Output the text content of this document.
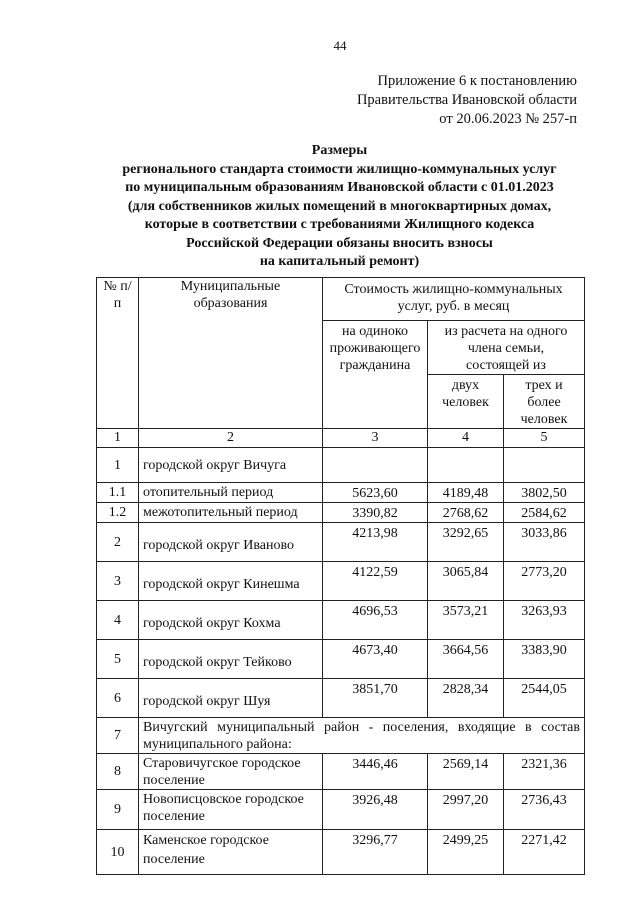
44
Приложение 6 к постановлению
Правительства Ивановской области
от 20.06.2023 № 257-п
Размеры
регионального стандарта стоимости жилищно-коммунальных услуг
по муниципальным образованиям Ивановской области с 01.01.2023
(для собственников жилых помещений в многоквартирных домах,
которые в соответствии с требованиями Жилищного кодекса
Российской Федерации обязаны вносить взносы
на капитальный ремонт)
№ п/п	Муниципальные образования	Стоимость жилищно-коммунальных услуг, руб. в месяц		
		на одиноко проживающего гражданина	из расчета на одного члена семьи, состоящей из	
			двух человек	трех и более человек
1	2	3	4	5
1	городской округ Вичуга			
1.1	отопительный период	5623,60	4189,48	3802,50
1.2	межотопительный период	3390,82	2768,62	2584,62
2	городской округ Иваново	4213,98	3292,65	3033,86
3	городской округ Кинешма	4122,59	3065,84	2773,20
4	городской округ Кохма	4696,53	3573,21	3263,93
5	городской округ Тейково	4673,40	3664,56	3383,90
6	городской округ Шуя	3851,70	2828,34	2544,05
7	Вичугский муниципальный район - поселения, входящие в состав муниципального района:			
8	Старовичугское городское поселение	3446,46	2569,14	2321,36
9	Новописцовское городское поселение	3926,48	2997,20	2736,43
10	Каменское городское поселение	3296,77	2499,25	2271,42
